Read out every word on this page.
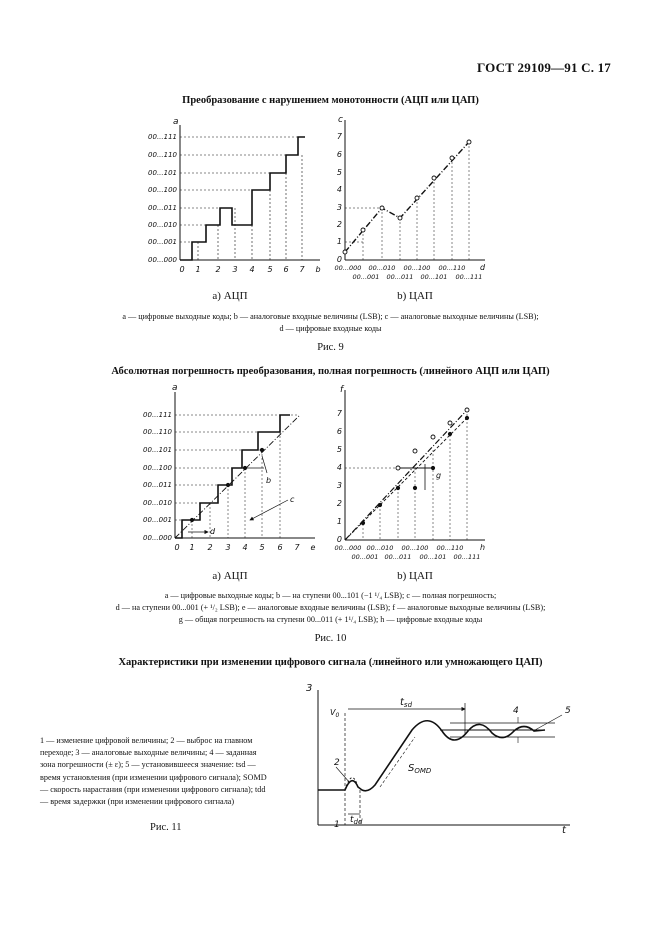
ГОСТ 29109—91 С. 17
Преобразование с нарушением монотонности (АЦП или ЦАП)
a
00...000
00...001
00...010
00...011
00...100
00...101
00...110
00...111
0 1 2 3 4 5 6 7 b
c
0
1
2
3
4
5
6
7
00...000 00...010 00...100 00...110
00...001 00...011 00...101 00...111
d
а) АЦП	b) ЦАП
a — цифровые выходные коды; b — аналоговые входные величины (LSB); c — аналоговые выходные величины (LSB);
d — цифровые входные коды
Рис. 9
Абсолютная погрешность преобразования, полная погрешность (линейного АЦП или ЦАП)
a
b
c
d
00...000
00...001
00...010
00...011
00...100
00...101
00...110
00...111
0 1 2 3 4 5 6 7 e
f
g
0
1
2
3
4
5
6
7
00...000 00...010 00...100 00...110
00...001 00...011 00...101 00...111
h
а) АЦП	b) ЦАП
a — цифровые выходные коды; b — на ступени 00...101 (−1 ¹/₄ LSB); c — полная погрешность;
d — на ступени 00...001 (+ ¹/₂ LSB); e — аналоговые входные величины (LSB); f — аналоговые выходные величины (LSB);
g — общая погрешность на ступени 00...011 (+ 1¹/₄ LSB); h — цифровые входные коды
Рис. 10
Характеристики при изменении цифрового сигнала (линейного или умножающего ЦАП)
3
t
$V_0$
$t_{sd}$
$t_{dd}$
$S_{OMD}$
1
2
4	5
1 — изменение цифровой величины; 2 — выброс на главном переходе; 3 — аналоговые выходные величины; 4 — заданная зона погрешности (± ε); 5 — установившееся значение: tsd — время установления (при изменении цифрового сигнала); SOMD — скорость нарастания (при изменении цифрового сигнала); tdd — время задержки (при изменении цифрового сигнала)
Рис. 11
